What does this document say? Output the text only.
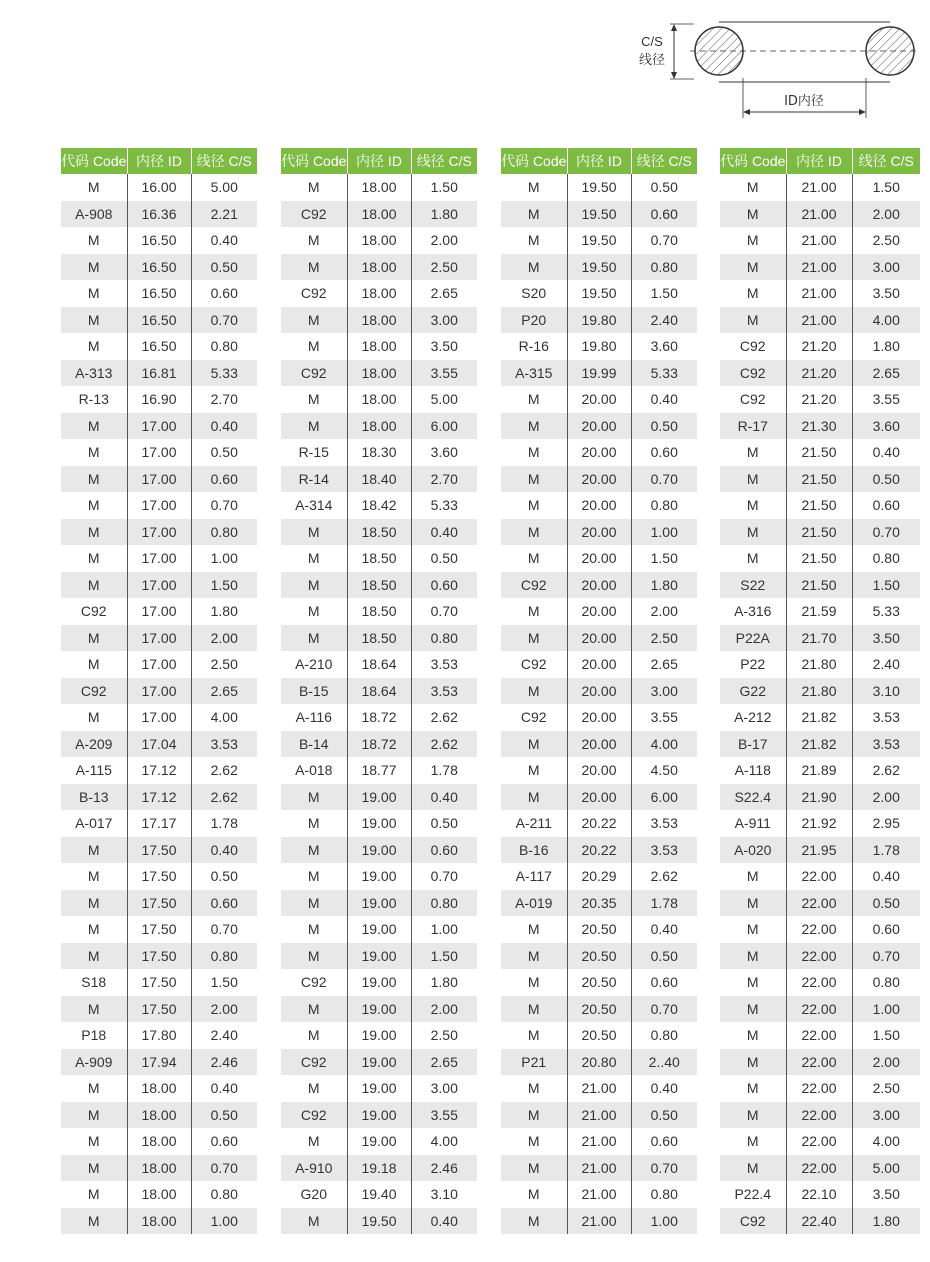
C/S
线径
ID内径
代码 Code	内径 ID	线径 C/S
M	16.00	5.00
A-908	16.36	2.21
M	16.50	0.40
M	16.50	0.50
M	16.50	0.60
M	16.50	0.70
M	16.50	0.80
A-313	16.81	5.33
R-13	16.90	2.70
M	17.00	0.40
M	17.00	0.50
M	17.00	0.60
M	17.00	0.70
M	17.00	0.80
M	17.00	1.00
M	17.00	1.50
C92	17.00	1.80
M	17.00	2.00
M	17.00	2.50
C92	17.00	2.65
M	17.00	4.00
A-209	17.04	3.53
A-115	17.12	2.62
B-13	17.12	2.62
A-017	17.17	1.78
M	17.50	0.40
M	17.50	0.50
M	17.50	0.60
M	17.50	0.70
M	17.50	0.80
S18	17.50	1.50
M	17.50	2.00
P18	17.80	2.40
A-909	17.94	2.46
M	18.00	0.40
M	18.00	0.50
M	18.00	0.60
M	18.00	0.70
M	18.00	0.80
M	18.00	1.00
代码 Code	内径 ID	线径 C/S
M	18.00	1.50
C92	18.00	1.80
M	18.00	2.00
M	18.00	2.50
C92	18.00	2.65
M	18.00	3.00
M	18.00	3.50
C92	18.00	3.55
M	18.00	5.00
M	18.00	6.00
R-15	18.30	3.60
R-14	18.40	2.70
A-314	18.42	5.33
M	18.50	0.40
M	18.50	0.50
M	18.50	0.60
M	18.50	0.70
M	18.50	0.80
A-210	18.64	3.53
B-15	18.64	3.53
A-116	18.72	2.62
B-14	18.72	2.62
A-018	18.77	1.78
M	19.00	0.40
M	19.00	0.50
M	19.00	0.60
M	19.00	0.70
M	19.00	0.80
M	19.00	1.00
M	19.00	1.50
C92	19.00	1.80
M	19.00	2.00
M	19.00	2.50
C92	19.00	2.65
M	19.00	3.00
C92	19.00	3.55
M	19.00	4.00
A-910	19.18	2.46
G20	19.40	3.10
M	19.50	0.40
代码 Code	内径 ID	线径 C/S
M	19.50	0.50
M	19.50	0.60
M	19.50	0.70
M	19.50	0.80
S20	19.50	1.50
P20	19.80	2.40
R-16	19.80	3.60
A-315	19.99	5.33
M	20.00	0.40
M	20.00	0.50
M	20.00	0.60
M	20.00	0.70
M	20.00	0.80
M	20.00	1.00
M	20.00	1.50
C92	20.00	1.80
M	20.00	2.00
M	20.00	2.50
C92	20.00	2.65
M	20.00	3.00
C92	20.00	3.55
M	20.00	4.00
M	20.00	4.50
M	20.00	6.00
A-211	20.22	3.53
B-16	20.22	3.53
A-117	20.29	2.62
A-019	20.35	1.78
M	20.50	0.40
M	20.50	0.50
M	20.50	0.60
M	20.50	0.70
M	20.50	0.80
P21	20.80	2..40
M	21.00	0.40
M	21.00	0.50
M	21.00	0.60
M	21.00	0.70
M	21.00	0.80
M	21.00	1.00
代码 Code	内径 ID	线径 C/S
M	21.00	1.50
M	21.00	2.00
M	21.00	2.50
M	21.00	3.00
M	21.00	3.50
M	21.00	4.00
C92	21.20	1.80
C92	21.20	2.65
C92	21.20	3.55
R-17	21.30	3.60
M	21.50	0.40
M	21.50	0.50
M	21.50	0.60
M	21.50	0.70
M	21.50	0.80
S22	21.50	1.50
A-316	21.59	5.33
P22A	21.70	3.50
P22	21.80	2.40
G22	21.80	3.10
A-212	21.82	3.53
B-17	21.82	3.53
A-118	21.89	2.62
S22.4	21.90	2.00
A-911	21.92	2.95
A-020	21.95	1.78
M	22.00	0.40
M	22.00	0.50
M	22.00	0.60
M	22.00	0.70
M	22.00	0.80
M	22.00	1.00
M	22.00	1.50
M	22.00	2.00
M	22.00	2.50
M	22.00	3.00
M	22.00	4.00
M	22.00	5.00
P22.4	22.10	3.50
C92	22.40	1.80
